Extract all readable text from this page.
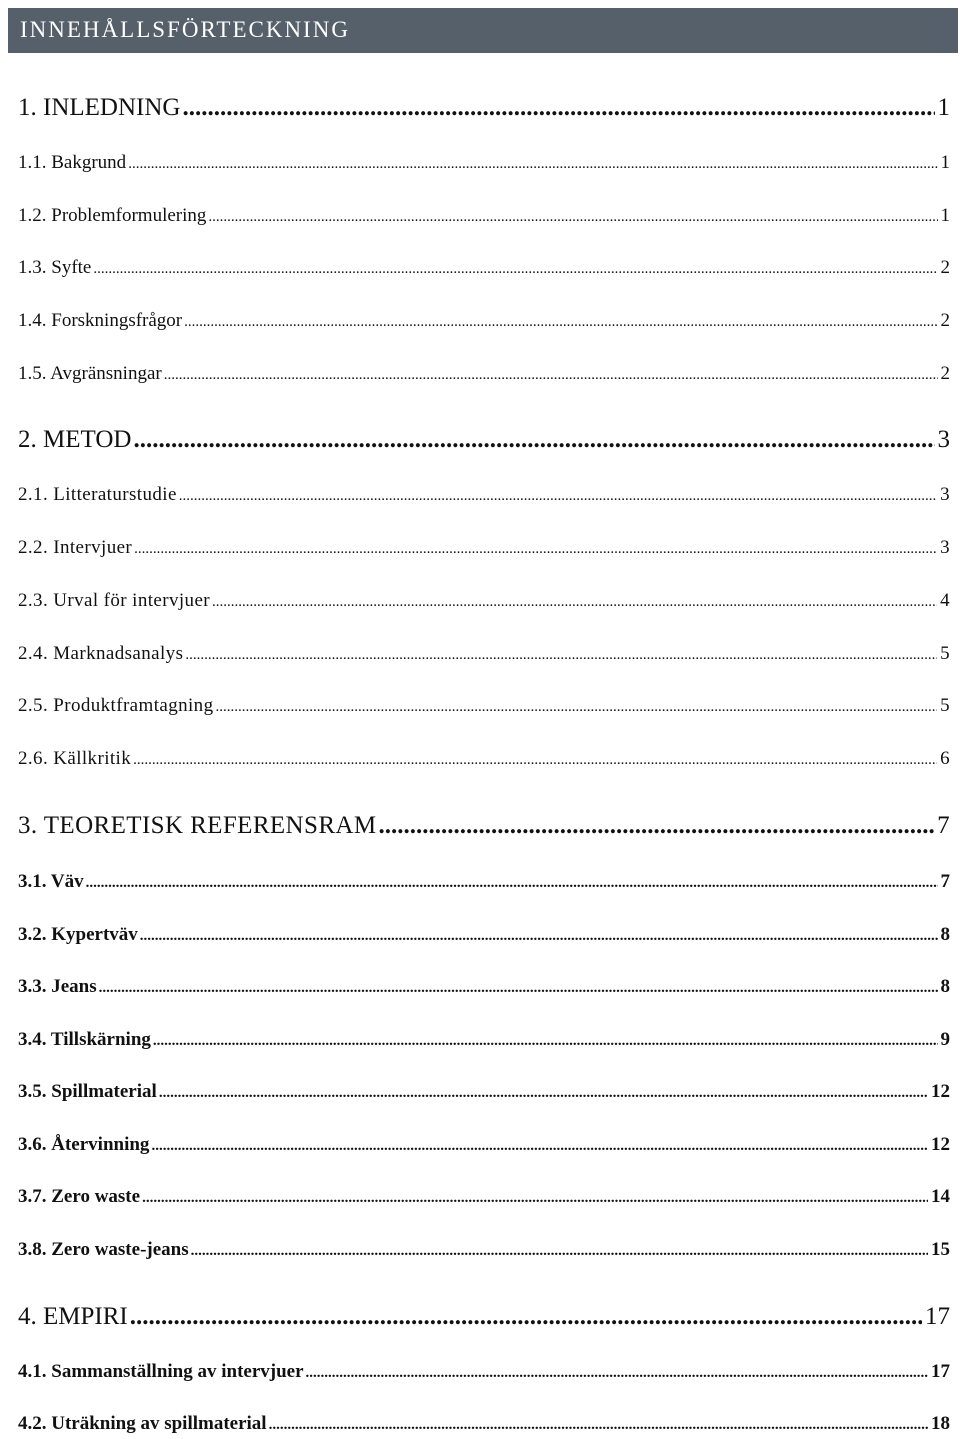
INNEHÅLLSFÖRTECKNING
1. INLEDNING .....	1
1.1. Bakgrund .....	1
1.2. Problemformulering .....	1
1.3. Syfte .....	2
1.4. Forskningsfrågor .....	2
1.5. Avgränsningar .....	2
2. METOD .....	3
2.1. Litteraturstudie .....	3
2.2. Intervjuer .....	3
2.3. Urval för intervjuer .....	4
2.4. Marknadsanalys .....	5
2.5. Produktframtagning .....	5
2.6. Källkritik .....	6
3. TEORETISK REFERENSRAM .....	7
3.1. Väv .....	7
3.2. Kypertväv .....	8
3.3. Jeans .....	8
3.4. Tillskärning .....	9
3.5. Spillmaterial .....	12
3.6. Återvinning .....	12
3.7. Zero waste .....	14
3.8. Zero waste-jeans .....	15
4. EMPIRI .....	17
4.1. Sammanställning av intervjuer .....	17
4.2. Uträkning av spillmaterial .....	18
